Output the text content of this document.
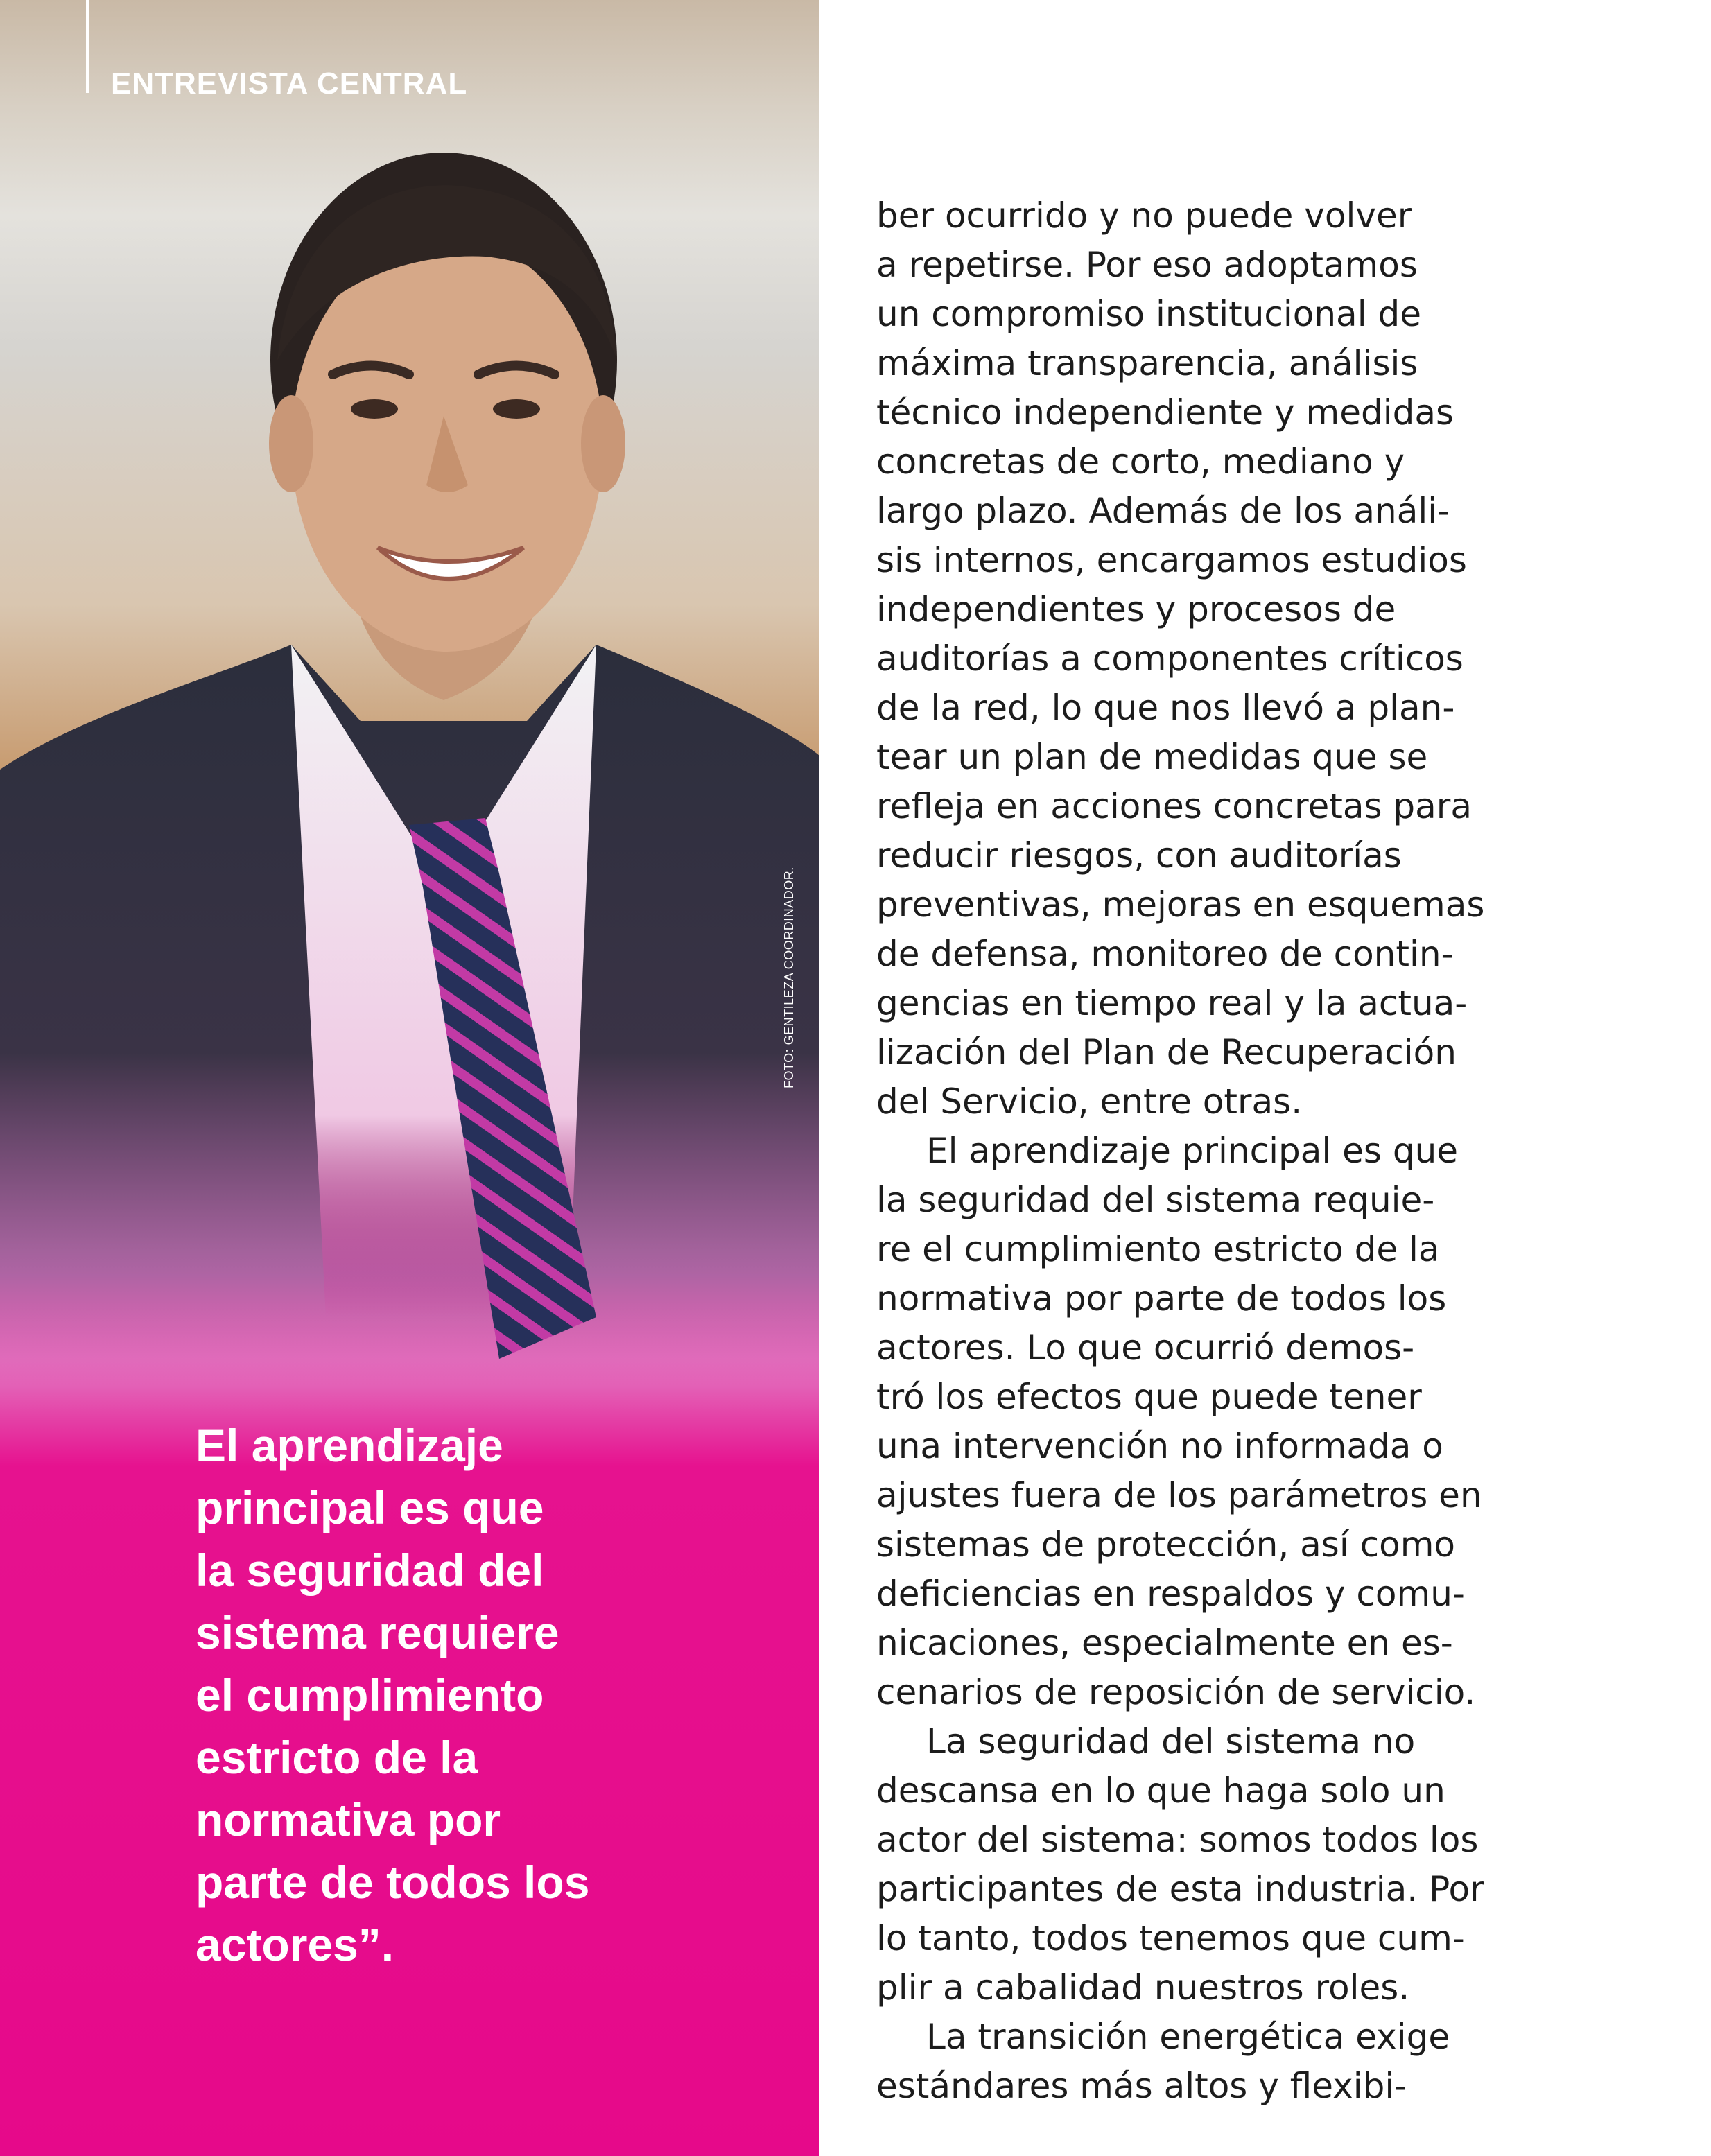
ENTREVISTA CENTRAL
El aprendizaje
principal es que
la seguridad del
sistema requiere
el cumplimiento
estricto de la
normativa por
parte de todos los
actores”.
ber ocurrido y no puede volver
a repetirse. Por eso adoptamos
un compromiso institucional de
máxima transparencia, análisis
técnico independiente y medidas
concretas de corto, mediano y
largo plazo. Además de los análi-
sis internos, encargamos estudios
independientes y procesos de
auditorías a componentes críticos
de la red, lo que nos llevó a plan-
tear un plan de medidas que se
refleja en acciones concretas para
reducir riesgos, con auditorías
preventivas, mejoras en esquemas
de defensa, monitoreo de contin-
gencias en tiempo real y la actua-
lización del Plan de Recuperación
del Servicio, entre otras.
El aprendizaje principal es que
la seguridad del sistema requie-
re el cumplimiento estricto de la
normativa por parte de todos los
actores. Lo que ocurrió demos-
tró los efectos que puede tener
una intervención no informada o
ajustes fuera de los parámetros en
sistemas de protección, así como
deficiencias en respaldos y comu-
nicaciones, especialmente en es-
cenarios de reposición de servicio.
La seguridad del sistema no
descansa en lo que haga solo un
actor del sistema: somos todos los
participantes de esta industria. Por
lo tanto, todos tenemos que cum-
plir a cabalidad nuestros roles.
La transición energética exige
estándares más altos y flexibi-
